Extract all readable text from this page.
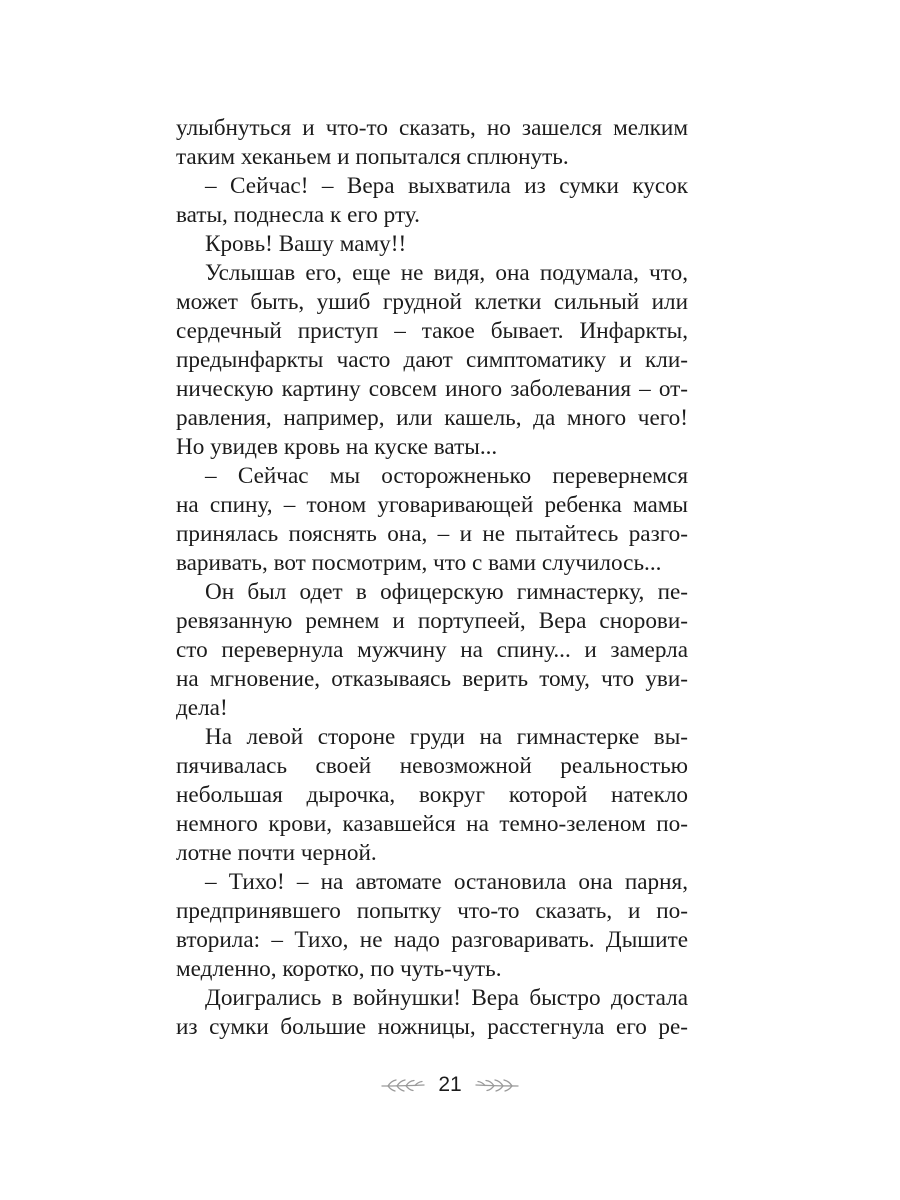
улыбнуться и что-то сказать, но зашелся мелким
таким хеканьем и попытался сплюнуть.
– Сейчас! – Вера выхватила из сумки кусок
ваты, поднесла к его рту.
Кровь! Вашу маму!!
Услышав его, еще не видя, она подумала, что,
может быть, ушиб грудной клетки сильный или
сердечный приступ – такое бывает. Инфаркты,
предынфаркты часто дают симптоматику и кли-
ническую картину совсем иного заболевания – от-
равления, например, или кашель, да много чего!
Но увидев кровь на куске ваты...
– Сейчас мы осторожненько перевернемся
на спину, – тоном уговаривающей ребенка мамы
принялась пояснять она, – и не пытайтесь разго-
варивать, вот посмотрим, что с вами случилось...
Он был одет в офицерскую гимнастерку, пе-
ревязанную ремнем и портупеей, Вера снорови-
сто перевернула мужчину на спину... и замерла
на мгновение, отказываясь верить тому, что уви-
дела!
На левой стороне груди на гимнастерке вы-
пячивалась своей невозможной реальностью
небольшая дырочка, вокруг которой натекло
немного крови, казавшейся на темно-зеленом по-
лотне почти черной.
– Тихо! – на автомате остановила она парня,
предпринявшего попытку что-то сказать, и по-
вторила: – Тихо, не надо разговаривать. Дышите
медленно, коротко, по чуть-чуть.
Доигрались в войнушки! Вера быстро достала
из сумки большие ножницы, расстегнула его ре-
21
